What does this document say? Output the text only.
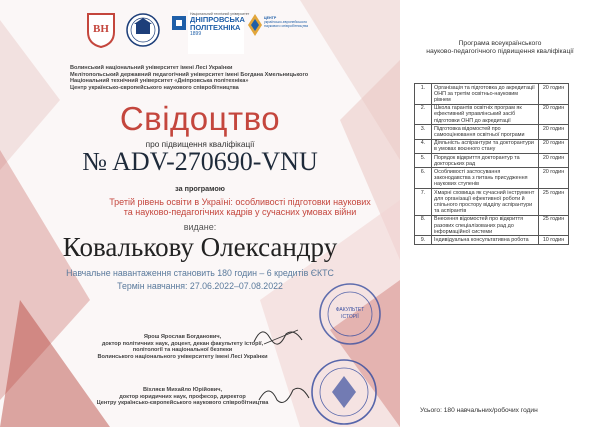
ВН
Національний технічний університет
ДНІПРОВСЬКА ПОЛІТЕХНІКА
1899
ЦЕНТР
українсько-європейського наукового співробітництва
Волинський національний університет імені Лесі Українки
Мелітопольський державний педагогічний університет імені Богдана Хмельницького
Національний технічний університет «Дніпровська політехніка»
Центр українсько-європейського наукового співробітництва
Свідоцтво
про підвищення кваліфікації
№ ADV-270690-VNU
за програмою
Третій рівень освіти в Україні: особливості підготовки наукових
та науково-педагогічних кадрів у сучасних умовах війни
видане:
Ковалькову Олександру
Навчальне навантаження становить 180 годин – 6 кредитів ЄКТС
Термін навчання: 27.06.2022–07.08.2022
Ярош Ярослав Богданович,
доктор політичних наук, доцент, декан факультету історії,
політології та національної безпеки
Волинського національного університету імені Лесі Українки
Віхляєв Михайло Юрійович,
доктор юридичних наук, професор, директор
Центру українсько-європейського наукового співробітництва
ФАКУЛЬТЕТ
ІСТОРІЇ
Програма всеукраїнського
науково-педагогічного підвищення кваліфікації
1.	Організація та підготовка до акредитації ОНП за третім освітньо-науковим рівнем	20 годин
2.	Школа гарантів освітніх програм як ефективний управлінський засіб підготовки ОНП до акредитації	20 годин
3.	Підготовка відомостей про самооцінювання освітньої програми	20 годин
4.	Діяльність аспірантури та докторантури в умовах воєнного стану	20 годин
5.	Порядок відкриття докторантур та докторських рад	20 годин
6.	Особливості застосування законодавства з питань присудження наукових ступенів	20 годин
7.	Хмарні сховища як сучасний інструмент для організації ефективної роботи й спільного простору відділу аспірантури та аспірантів	25 годин
8.	Внесення відомостей про відкриття разових спеціалізованих рад до інформаційної системи	25 годин
9.	Індивідуальна консультативна робота	10 годин
Усього: 180 навчальних/робочих годин
